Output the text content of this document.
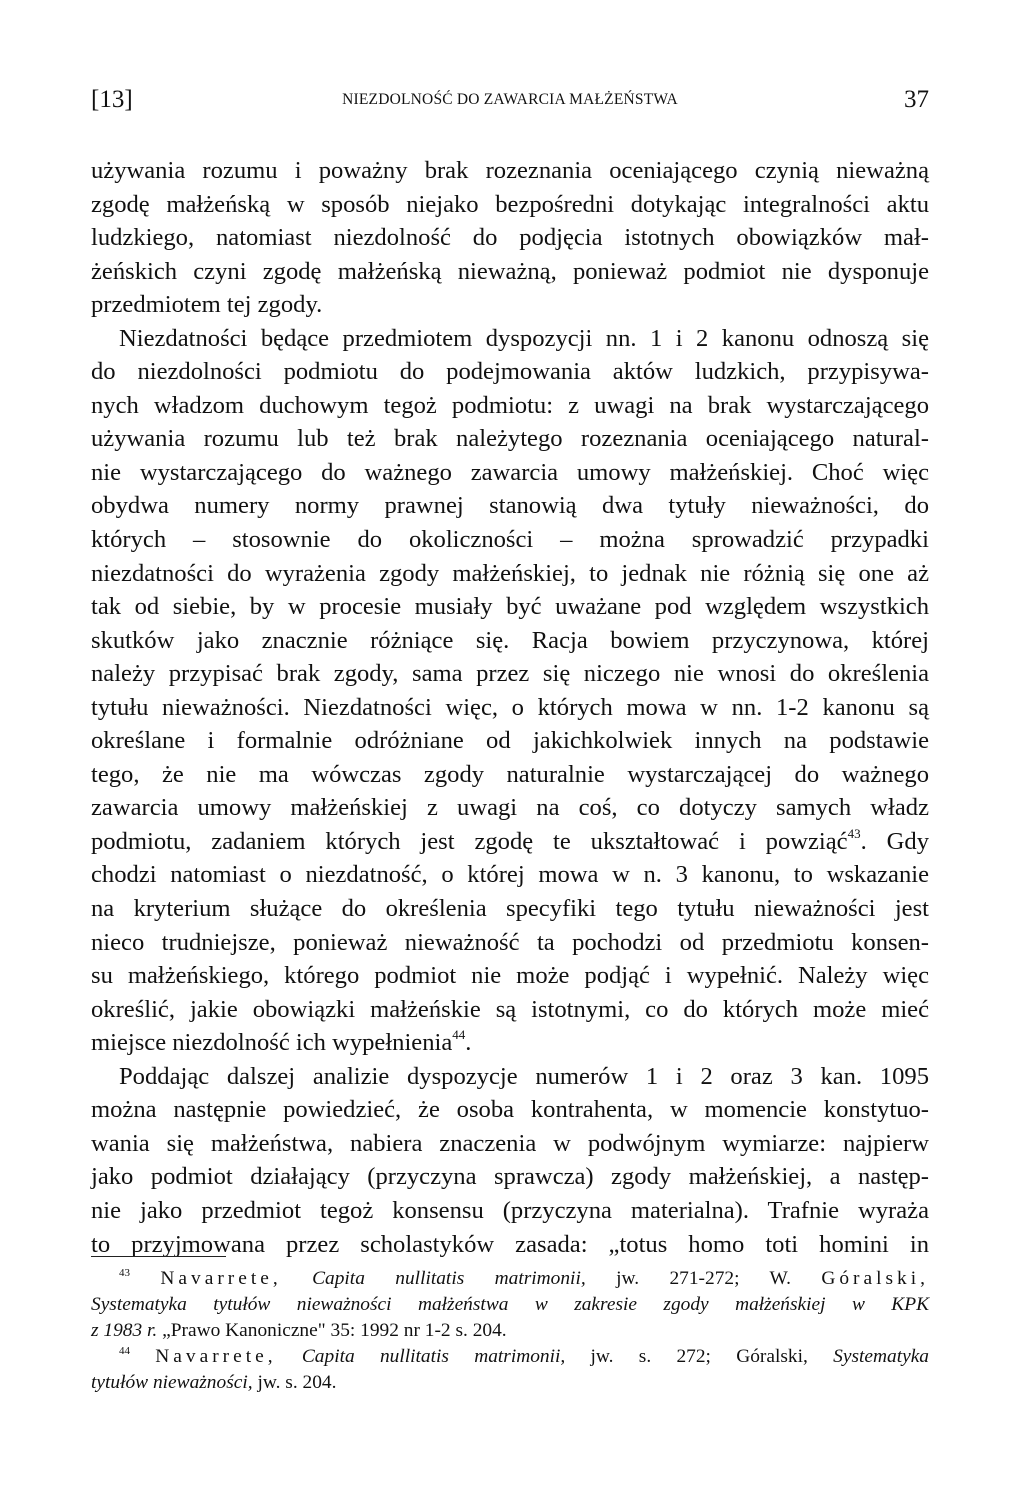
[13]	NIEZDOLNOŚĆ DO ZAWARCIA MAŁŻEŃSTWA	37
używania rozumu i poważny brak rozeznania oceniającego czynią nieważną
zgodę małżeńską w sposób niejako bezpośredni dotykając integralności aktu
ludzkiego, natomiast niezdolność do podjęcia istotnych obowiązków mał-
żeńskich czyni zgodę małżeńską nieważną, ponieważ podmiot nie dysponuje
przedmiotem tej zgody.
Niezdatności będące przedmiotem dyspozycji nn. 1 i 2 kanonu odnoszą się
do niezdolności podmiotu do podejmowania aktów ludzkich, przypisywa-
nych władzom duchowym tegoż podmiotu: z uwagi na brak wystarczającego
używania rozumu lub też brak należytego rozeznania oceniającego natural-
nie wystarczającego do ważnego zawarcia umowy małżeńskiej. Choć więc
obydwa numery normy prawnej stanowią dwa tytuły nieważności, do
których – stosownie do okoliczności – można sprowadzić przypadki
niezdatności do wyrażenia zgody małżeńskiej, to jednak nie różnią się one aż
tak od siebie, by w procesie musiały być uważane pod względem wszystkich
skutków jako znacznie różniące się. Racja bowiem przyczynowa, której
należy przypisać brak zgody, sama przez się niczego nie wnosi do określenia
tytułu nieważności. Niezdatności więc, o których mowa w nn. 1-2 kanonu są
określane i formalnie odróżniane od jakichkolwiek innych na podstawie
tego, że nie ma wówczas zgody naturalnie wystarczającej do ważnego
zawarcia umowy małżeńskiej z uwagi na coś, co dotyczy samych władz
podmiotu, zadaniem których jest zgodę te ukształtować i powziąć$^{43}$. Gdy
chodzi natomiast o niezdatność, o której mowa w n. 3 kanonu, to wskazanie
na kryterium służące do określenia specyfiki tego tytułu nieważności jest
nieco trudniejsze, ponieważ nieważność ta pochodzi od przedmiotu konsen-
su małżeńskiego, którego podmiot nie może podjąć i wypełnić. Należy więc
określić, jakie obowiązki małżeńskie są istotnymi, co do których może mieć
miejsce niezdolność ich wypełnienia$^{44}$.
Poddając dalszej analizie dyspozycje numerów 1 i 2 oraz 3 kan. 1095
można następnie powiedzieć, że osoba kontrahenta, w momencie konstytuo-
wania się małżeństwa, nabiera znaczenia w podwójnym wymiarze: najpierw
jako podmiot działający (przyczyna sprawcza) zgody małżeńskiej, a następ-
nie jako przedmiot tegoż konsensu (przyczyna materialna). Trafnie wyraża
to przyjmowana przez scholastyków zasada: „totus homo toti homini in
$^{43}$ Navarrete, Capita nullitatis matrimonii, jw. 271-272; W. Góralski,
Systematyka tytułów nieważności małżeństwa w zakresie zgody małżeńskiej w KPK
z 1983 r. „Prawo Kanoniczne" 35: 1992 nr 1-2 s. 204.
$^{44}$ Navarrete, Capita nullitatis matrimonii, jw. s. 272; Góralski, Systematyka
tytułów nieważności, jw. s. 204.
